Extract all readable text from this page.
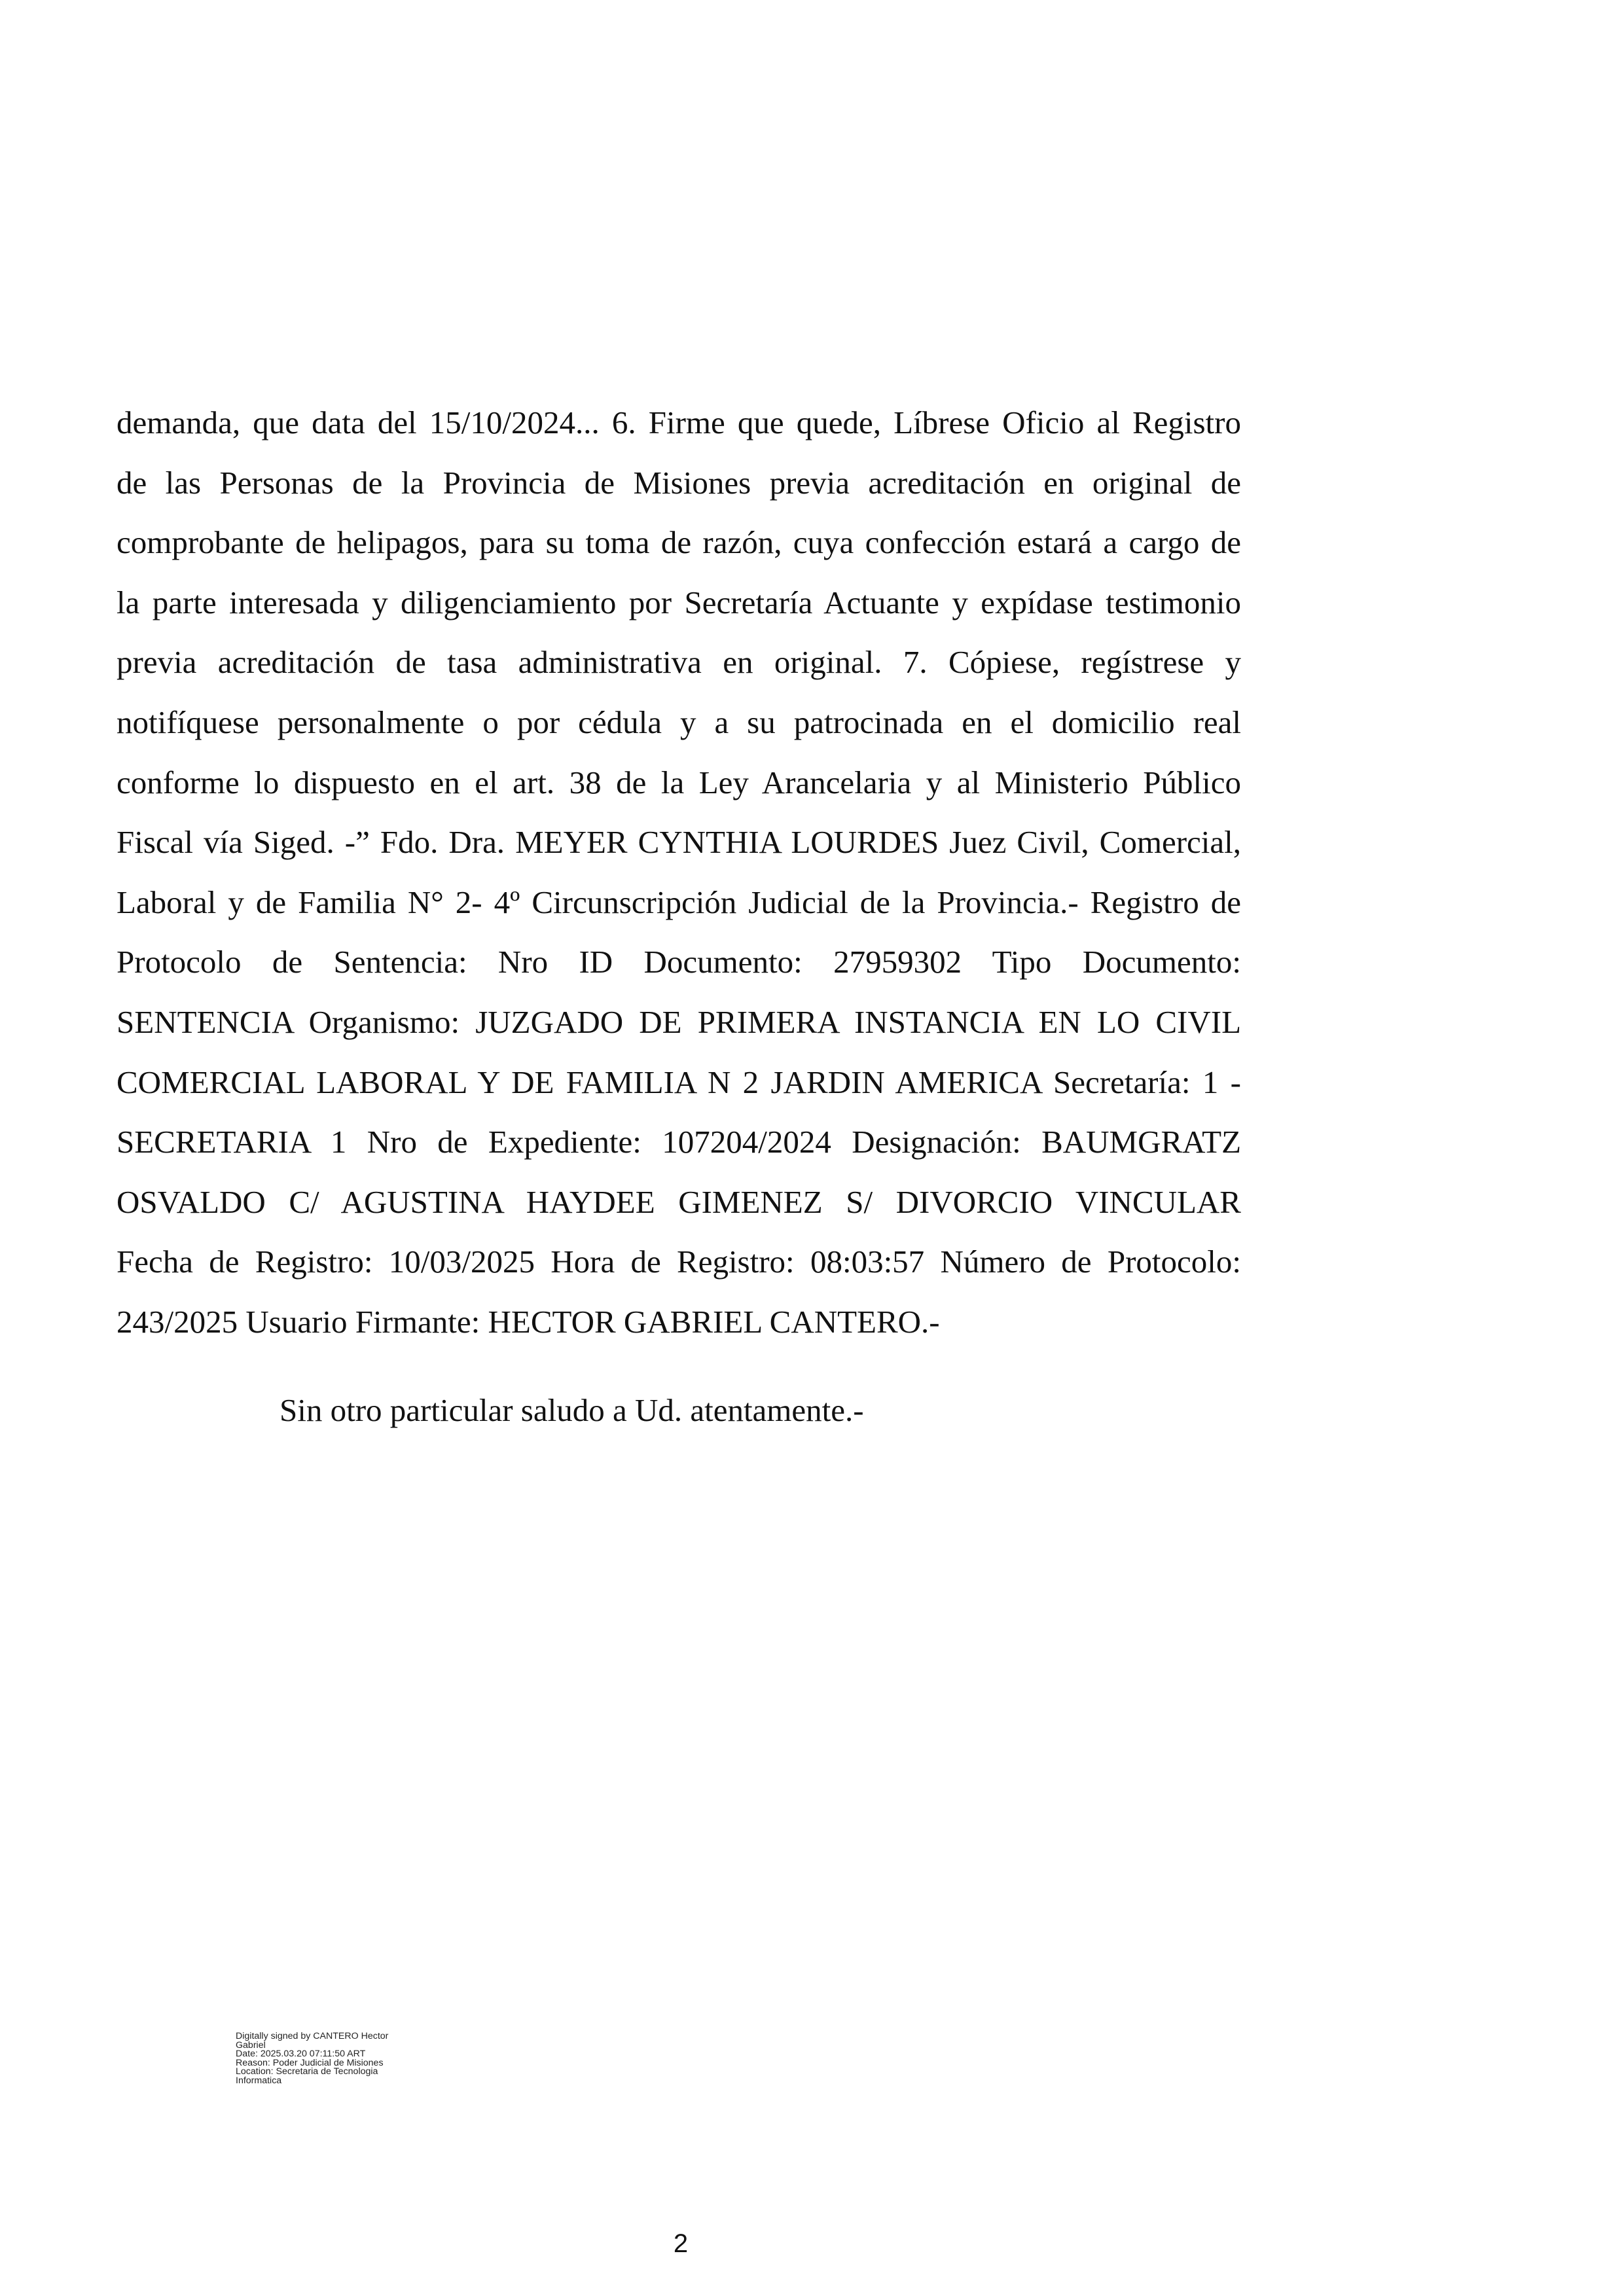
demanda, que data del 15/10/2024... 6. Firme que quede, Líbrese Oficio al Registro
de las Personas de la Provincia de Misiones previa acreditación en original de
comprobante de helipagos, para su toma de razón, cuya confección estará a cargo de
la parte interesada y diligenciamiento por Secretaría Actuante y expídase testimonio
previa acreditación de tasa administrativa en original. 7. Cópiese, regístrese y
notifíquese personalmente o por cédula y a su patrocinada en el domicilio real
conforme lo dispuesto en el art. 38 de la Ley Arancelaria y al Ministerio Público
Fiscal vía Siged. -” Fdo. Dra. MEYER CYNTHIA LOURDES Juez Civil, Comercial,
Laboral y de Familia N° 2- 4º Circunscripción Judicial de la Provincia.- Registro de
Protocolo de Sentencia: Nro ID Documento: 27959302 Tipo Documento:
SENTENCIA Organismo: JUZGADO DE PRIMERA INSTANCIA EN LO CIVIL
COMERCIAL LABORAL Y DE FAMILIA N 2 JARDIN AMERICA Secretaría: 1 -
SECRETARIA 1 Nro de Expediente: 107204/2024 Designación: BAUMGRATZ
OSVALDO C/ AGUSTINA HAYDEE GIMENEZ S/ DIVORCIO VINCULAR
Fecha de Registro: 10/03/2025 Hora de Registro: 08:03:57 Número de Protocolo:
243/2025 Usuario Firmante: HECTOR GABRIEL CANTERO.-

Sin otro particular saludo a Ud. atentamente.-

Digitally signed by CANTERO Hector
Gabriel
Date: 2025.03.20 07:11:50 ART
Reason: Poder Judicial de Misiones
Location: Secretaria de Tecnologia
Informatica
2
